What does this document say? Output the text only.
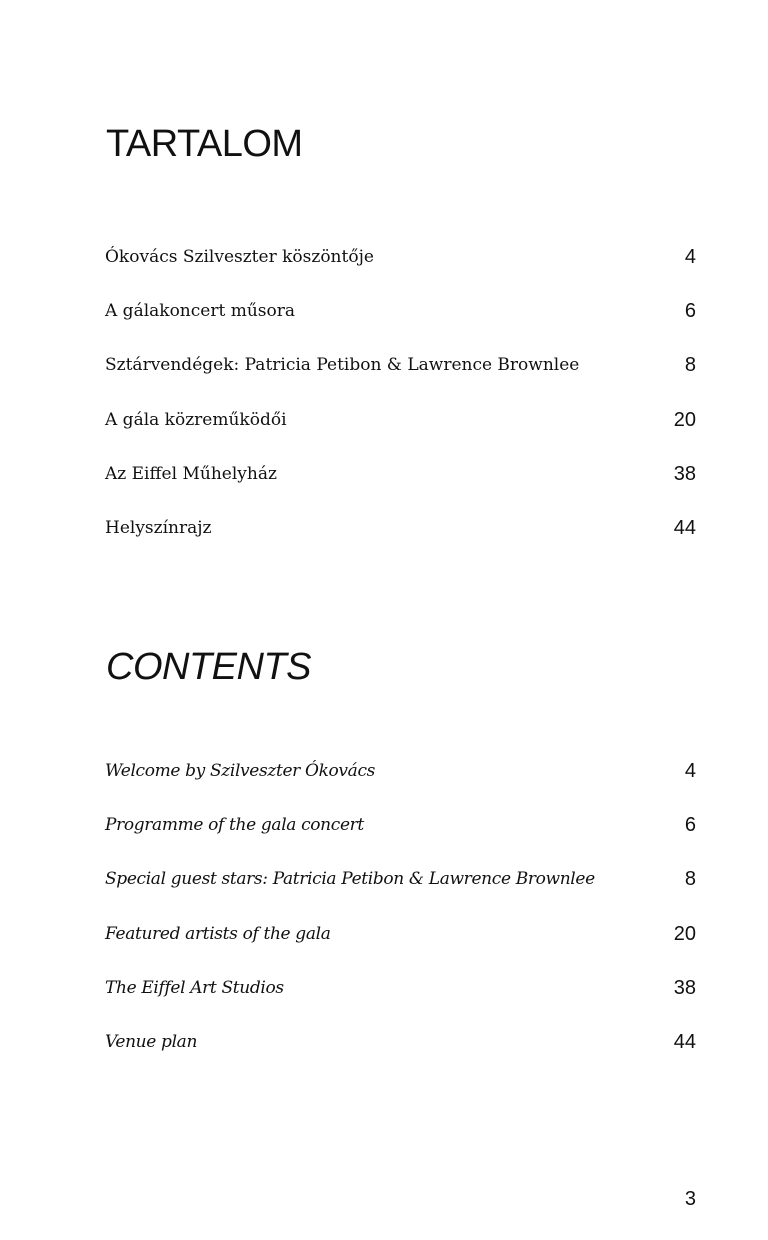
TARTALOM
Ókovács Szilveszter köszöntője	4
A gálakoncert műsora	6
Sztárvendégek: Patricia Petibon & Lawrence Brownlee	8
A gála közreműködői	20
Az Eiffel Műhelyház	38
Helyszínrajz	44
CONTENTS
Welcome by Szilveszter Ókovács	4
Programme of the gala concert	6
Special guest stars: Patricia Petibon & Lawrence Brownlee	8
Featured artists of the gala	20
The Eiffel Art Studios	38
Venue plan	44
3
